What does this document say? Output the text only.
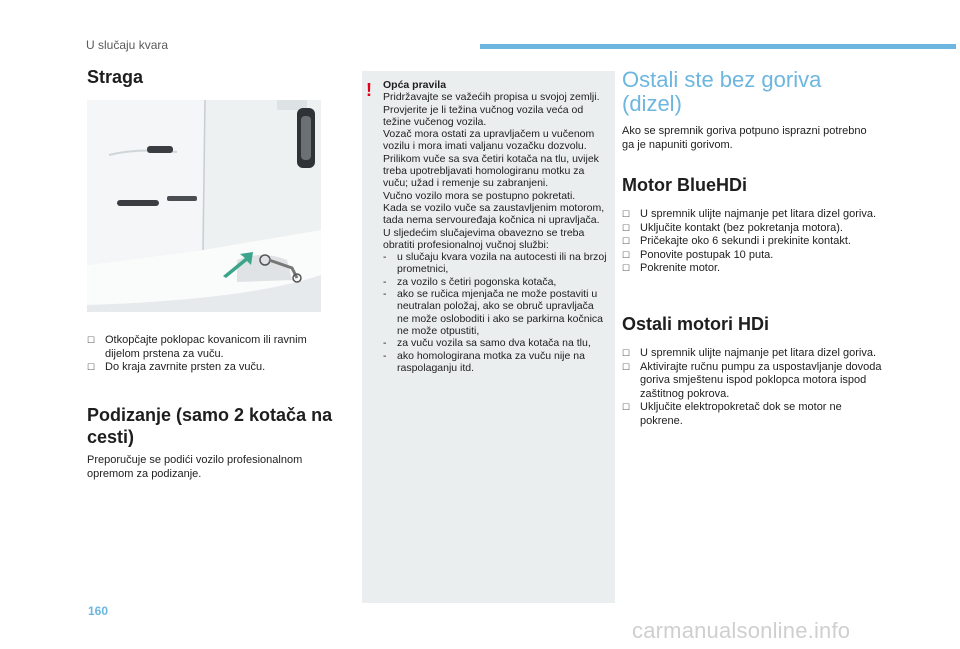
U slučaju kvara
Straga
☐ Otkopčajte poklopac kovanicom ili ravnim dijelom prstena za vuču.
☐ Do kraja zavrnite prsten za vuču.
Podizanje (samo 2 kotača na cesti)

Preporučuje se podići vozilo profesionalnom opremom za podizanje.

! Opća pravila
Pridržavajte se važećih propisa u svojoj zemlji.
Provjerite je li težina vučnog vozila veća od težine vučenog vozila.
Vozač mora ostati za upravljačem u vučenom vozilu i mora imati valjanu vozačku dozvolu.
Prilikom vuče sa sva četiri kotača na tlu, uvijek treba upotrebljavati homologiranu motku za vuču; užad i remenje su zabranjeni.
Vučno vozilo mora se postupno pokretati.
Kada se vozilo vuče sa zaustavljenim motorom, tada nema servouređaja kočnica ni upravljača.
U sljedećim slučajevima obavezno se treba obratiti profesionalnoj vučnoj službi:
- u slučaju kvara vozila na autocesti ili na brzoj prometnici,
- za vozilo s četiri pogonska kotača,
- ako se ručica mjenjača ne može postaviti u neutralan položaj, ako se obruč upravljača ne može osloboditi i ako se parkirna kočnica ne može otpustiti,
- za vuču vozila sa samo dva kotača na tlu,
- ako homologirana motka za vuču nije na raspolaganju itd.
Ostali ste bez goriva (dizel)

Ako se spremnik goriva potpuno isprazni potrebno ga je napuniti gorivom.

Motor BlueHDi
☐ U spremnik ulijte najmanje pet litara dizel goriva.
☐ Uključite kontakt (bez pokretanja motora).
☐ Pričekajte oko 6 sekundi i prekinite kontakt.
☐ Ponovite postupak 10 puta.
☐ Pokrenite motor.
Ostali motori HDi
☐ U spremnik ulijte najmanje pet litara dizel goriva.
☐ Aktivirajte ručnu pumpu za uspostavljanje dovoda goriva smještenu ispod poklopca motora ispod zaštitnog pokrova.
☐ Uključite elektropokretač dok se motor ne pokrene.
160
carmanualsonline.info
